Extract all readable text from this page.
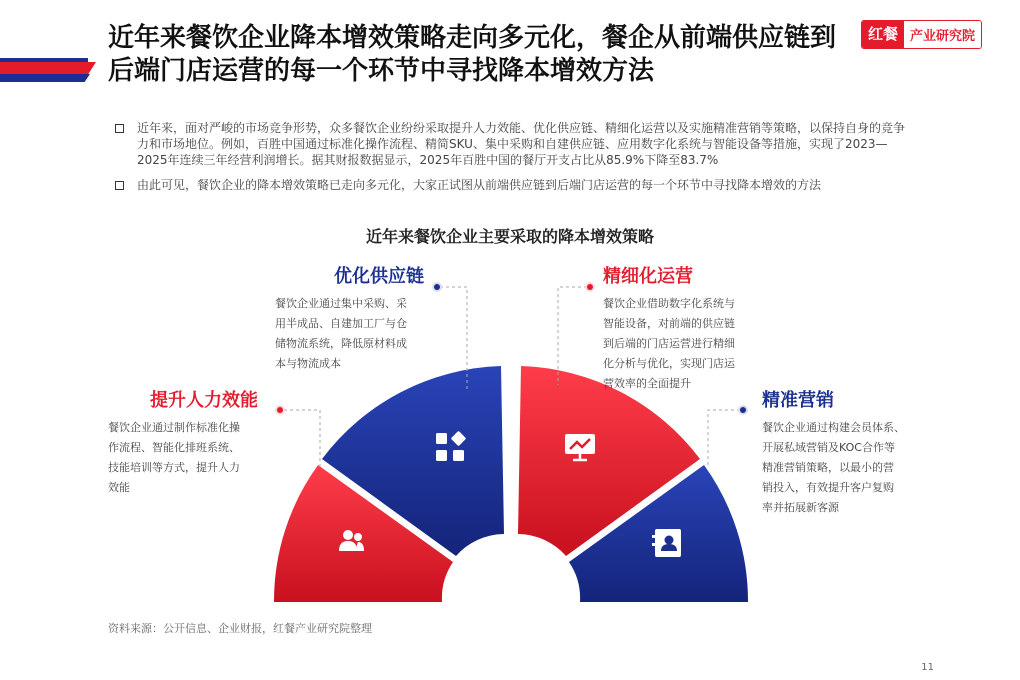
近年来餐饮企业降本增效策略走向多元化，餐企从前端供应链到
后端门店运营的每一个环节中寻找降本增效方法
红餐 产业研究院
近年来，面对严峻的市场竞争形势，众多餐饮企业纷纷采取提升人力效能、优化供应链、精细化运营以及实施精准营销等策略，以保持自身的竞争力和市场地位。例如，百胜中国通过标准化操作流程、精简SKU、集中采购和自建供应链、应用数字化系统与智能设备等措施，实现了2023—2025年连续三年经营利润增长。据其财报数据显示，2025年百胜中国的餐厅开支占比从85.9%下降至83.7%
由此可见，餐饮企业的降本增效策略已走向多元化，大家正试图从前端供应链到后端门店运营的每一个环节中寻找降本增效的方法
近年来餐饮企业主要采取的降本增效策略
提升人力效能
餐饮企业通过制作标准化操
作流程、智能化排班系统、
技能培训等方式，提升人力
效能
优化供应链
餐饮企业通过集中采购、采
用半成品、自建加工厂与仓
储物流系统，降低原材料成
本与物流成本
精细化运营
餐饮企业借助数字化系统与
智能设备，对前端的供应链
到后端的门店运营进行精细
化分析与优化，实现门店运
营效率的全面提升
精准营销
餐饮企业通过构建会员体系、
开展私域营销及KOC合作等
精准营销策略，以最小的营
销投入，有效提升客户复购
率并拓展新客源
资料来源：公开信息、企业财报，红餐产业研究院整理
11
